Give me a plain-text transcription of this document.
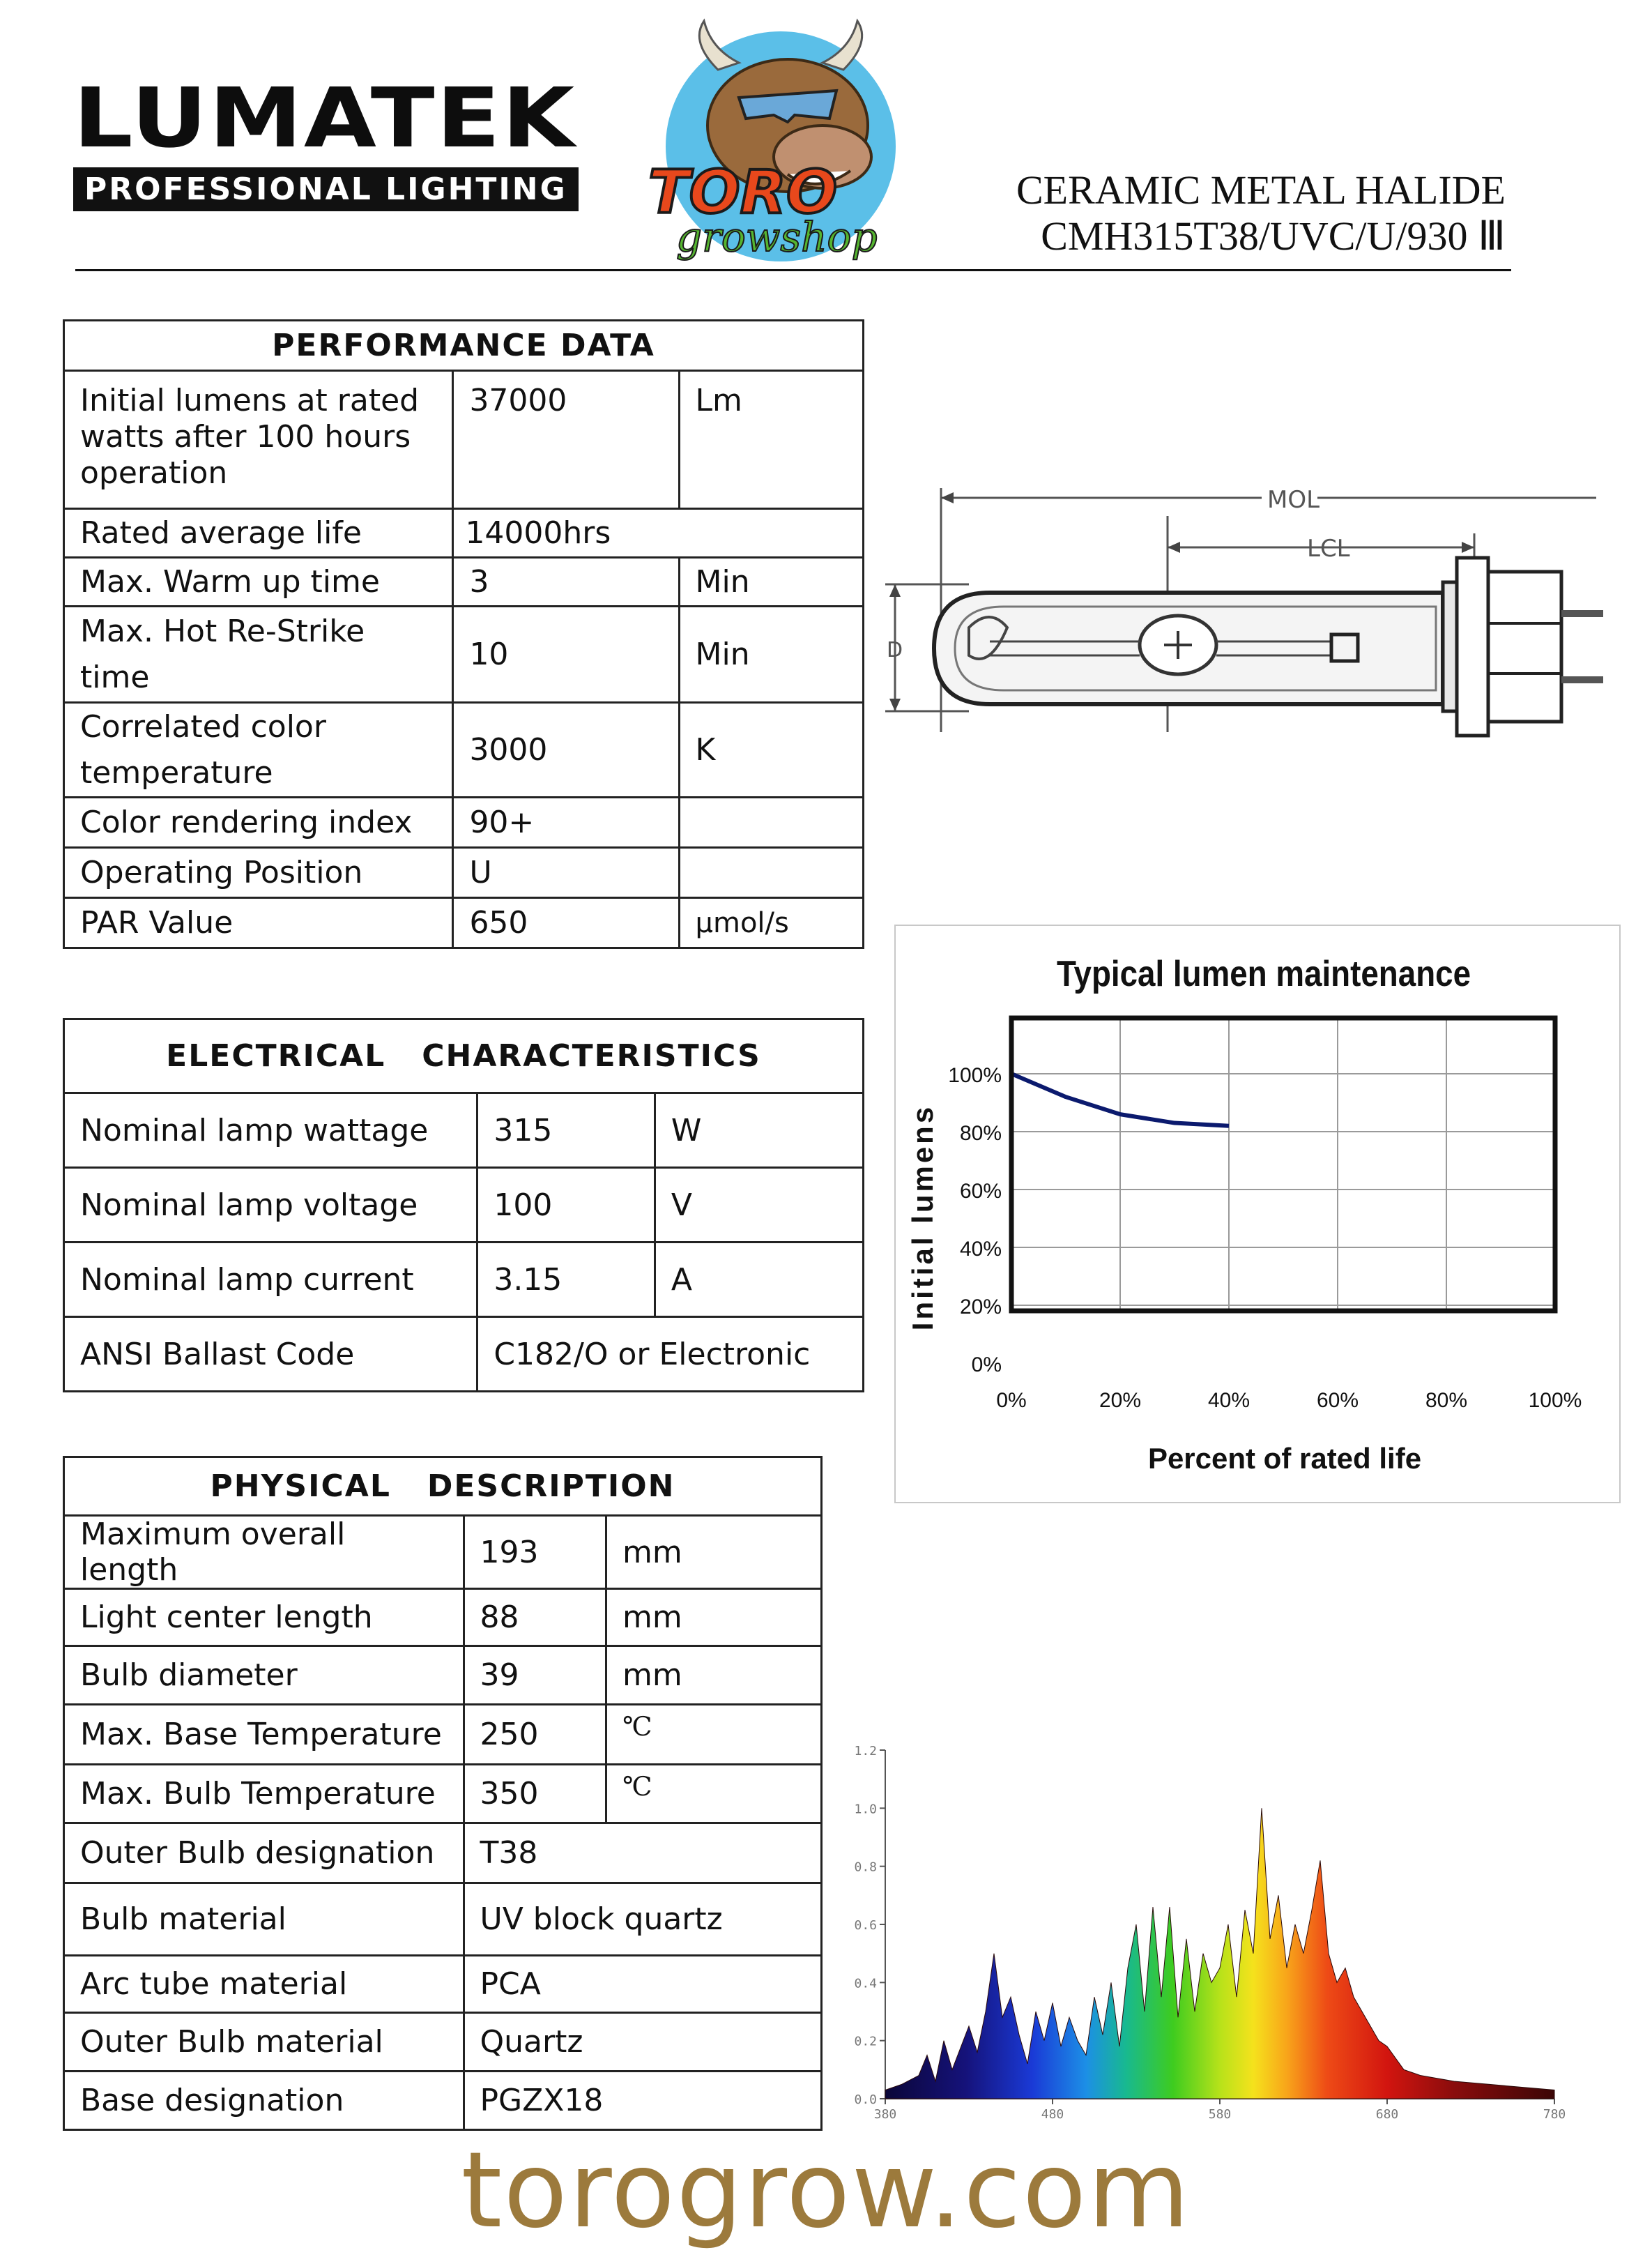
LUMATEK
PROFESSIONAL LIGHTING	TORO
growshop
CERAMIC METAL HALIDE
CMH315T38/UVC/U/930 Ⅲ
PERFORMANCE DATA		
Initial lumens at rated watts after 100 hours operation	37000	Lm
Rated average life	14000hrs	
Max. Warm up time	3	Min
Max. Hot Re-Strike time	10	Min
Correlated color temperature	3000	K
Color rendering index	90+	
Operating Position	U	
PAR Value	650	μmol/s
ELECTRICAL   CHARACTERISTICS		
Nominal lamp wattage	315	W
Nominal lamp voltage	100	V
Nominal lamp current	3.15	A
ANSI Ballast Code	C182/O or Electronic	
PHYSICAL   DESCRIPTION		
Maximum overall length	193	mm
Light center length	88	mm
Bulb diameter	39	mm
Max. Base Temperature	250	℃
Max. Bulb Temperature	350	℃
Outer Bulb designation	T38	
Bulb material	UV block quartz	
Arc tube material	PCA	
Outer Bulb material	Quartz	
Base designation	PGZX18	
MOL
LCL
D
Typical lumen maintenance
Initial lumens
Percent of rated life
0%	20%	40%	60%	80%	100%
0%
20%
40%
60%
80%
100%
0.0
0.2
0.4
0.6
0.8
1.0
1.2
380	480	580	680	780
torogrow.com
